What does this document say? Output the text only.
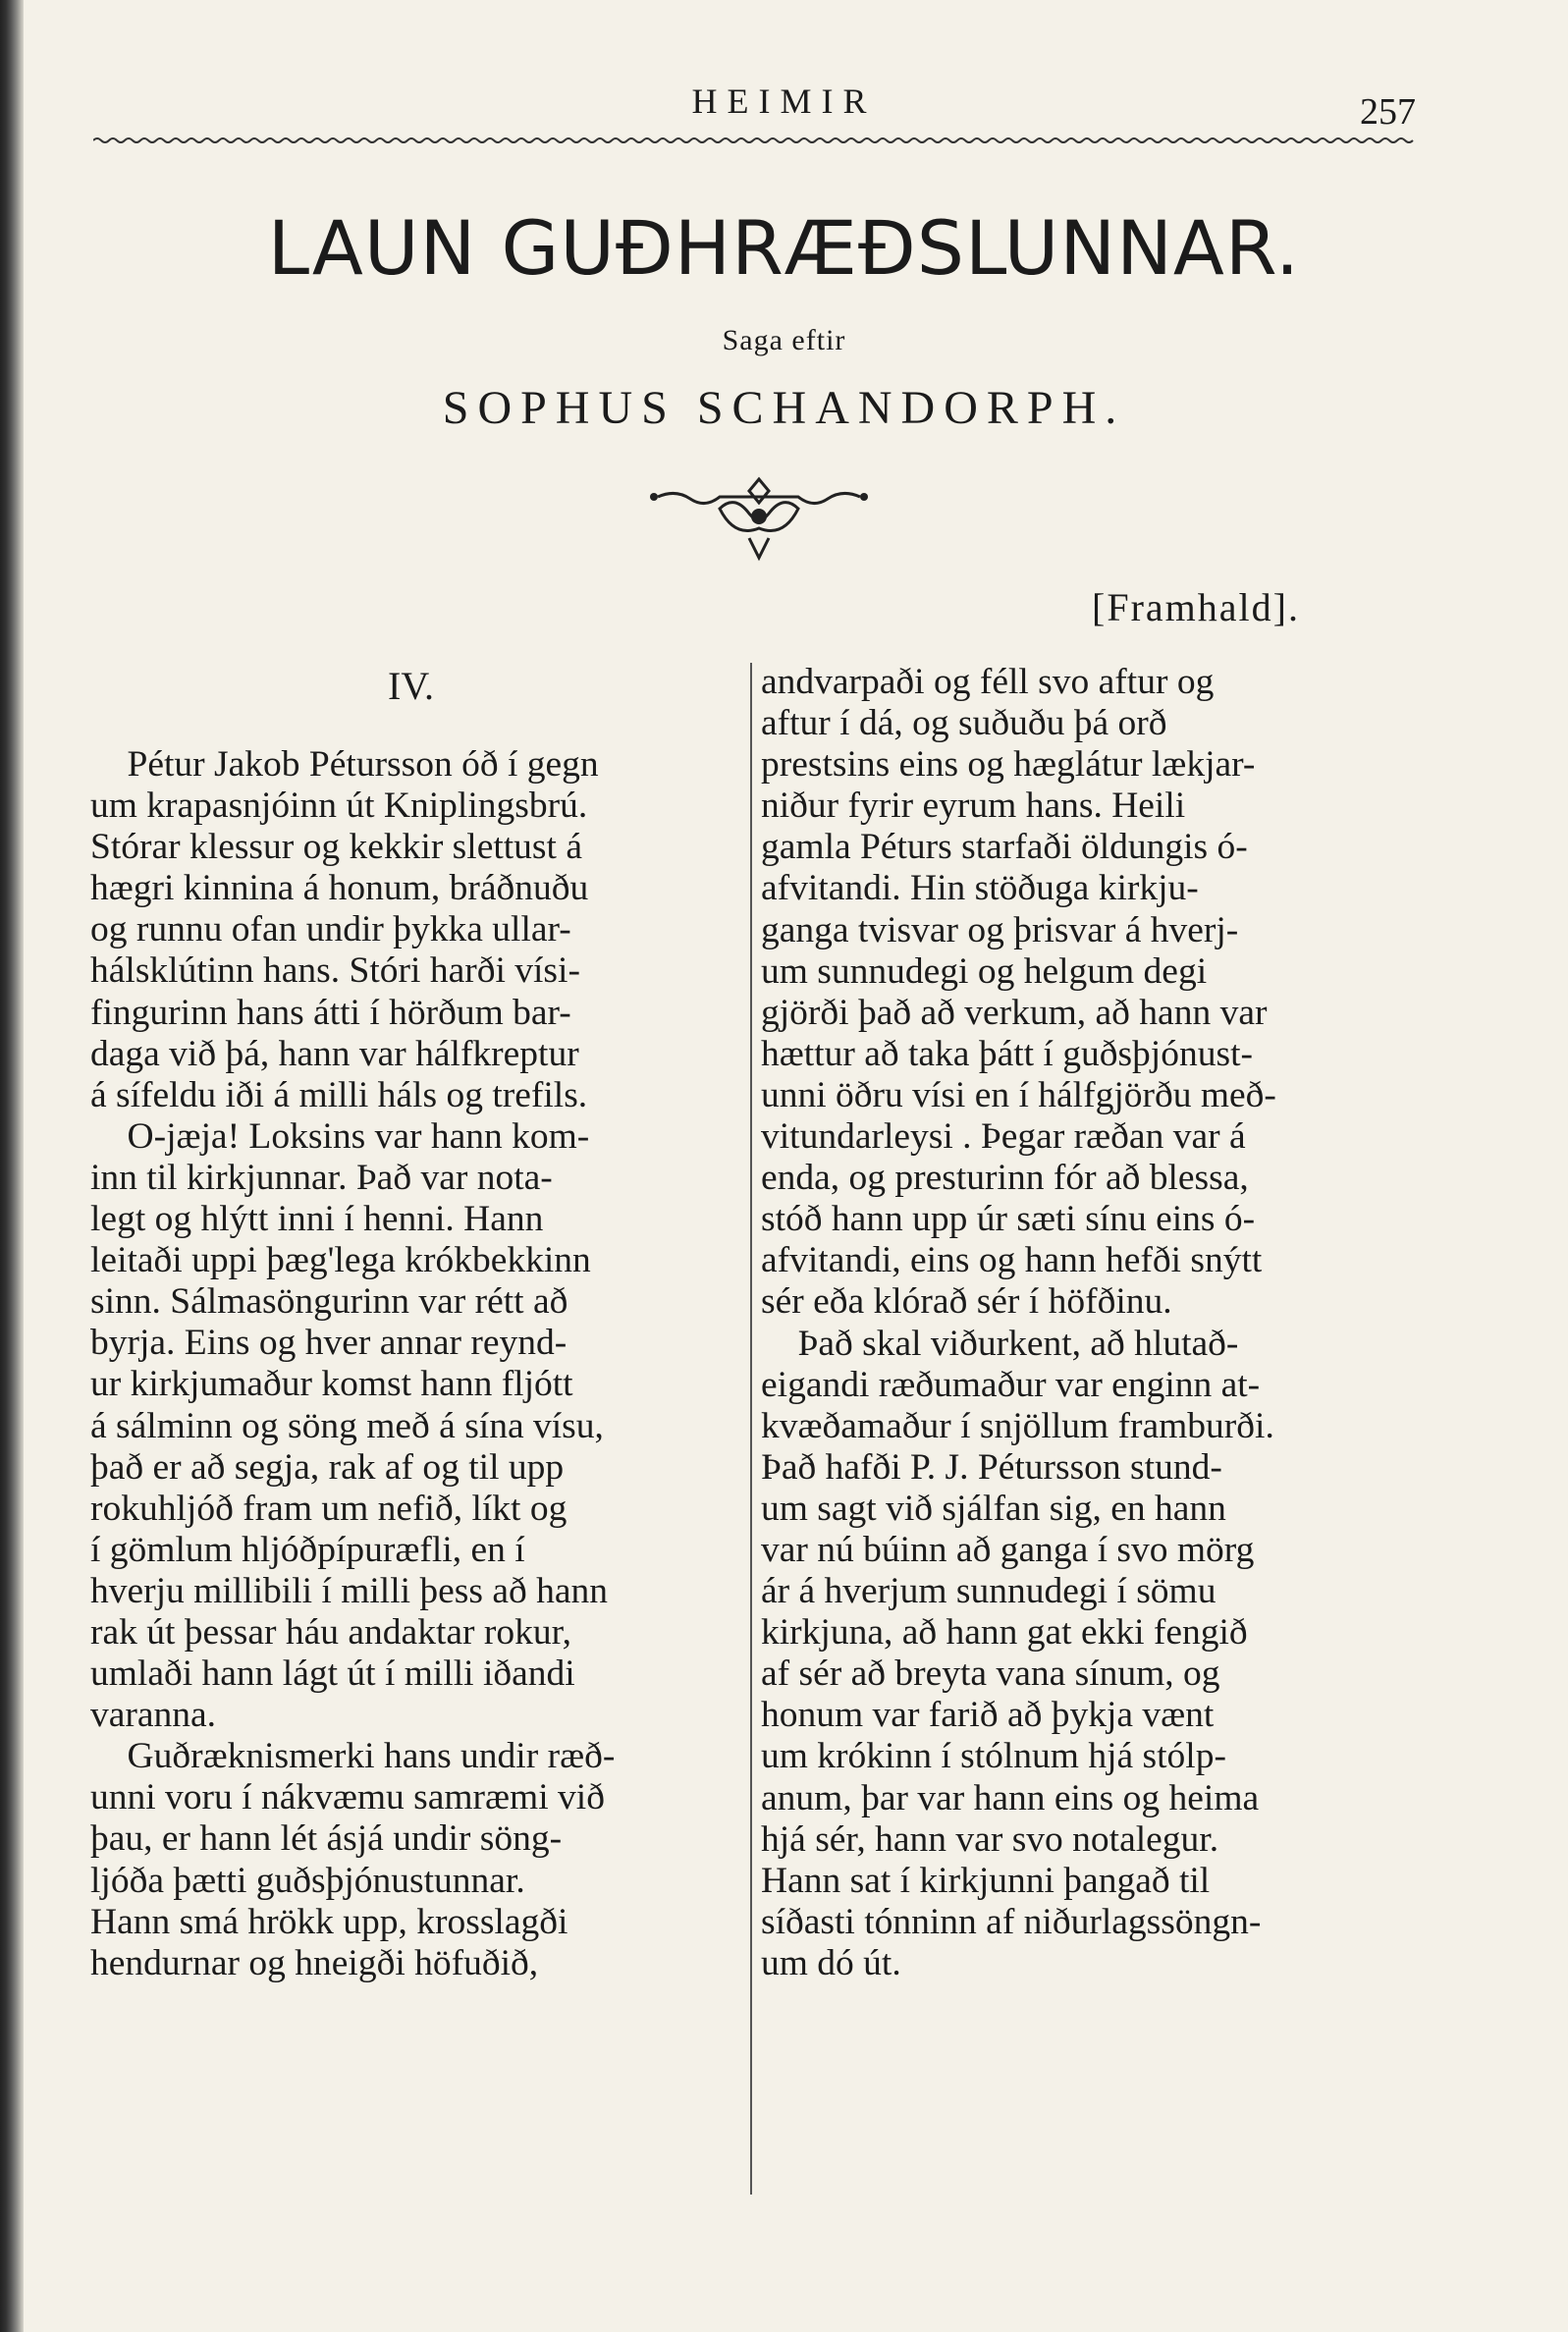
HEIMIR	257
LAUN GUÐHRÆÐSLUNNAR.
Saga eftir
SOPHUS SCHANDORPH.
[Framhald].
IV.
Pétur Jakob Pétursson óð í gegn
um krapasnjóinn út Kniplingsbrú.
Stórar klessur og kekkir slettust á
hægri kinnina á honum, bráðnuðu
og runnu ofan undir þykka ullar-
hálsklútinn hans. Stóri harði vísi-
fingurinn hans átti í hörðum bar-
daga við þá, hann var hálfkreptur
á sífeldu iði á milli háls og trefils.
O-jæja! Loksins var hann kom-
inn til kirkjunnar. Það var nota-
legt og hlýtt inni í henni. Hann
leitaði uppi þæg'lega krókbekkinn
sinn. Sálmasöngurinn var rétt að
byrja. Eins og hver annar reynd-
ur kirkjumaður komst hann fljótt
á sálminn og söng með á sína vísu,
það er að segja, rak af og til upp
rokuhljóð fram um nefið, líkt og
í gömlum hljóðpípuræfli, en í
hverju millibili í milli þess að hann
rak út þessar háu andaktar rokur,
umlaði hann lágt út í milli iðandi
varanna.
Guðræknismerki hans undir ræð-
unni voru í nákvæmu samræmi við
þau, er hann lét ásjá undir söng-
ljóða þætti guðsþjónustunnar.
Hann smá hrökk upp, krosslagði
hendurnar og hneigði höfuðið,
andvarpaði og féll svo aftur og
aftur í dá, og suðuðu þá orð
prestsins eins og hæglátur lækjar-
niður fyrir eyrum hans. Heili
gamla Péturs starfaði öldungis ó-
afvitandi. Hin stöðuga kirkju-
ganga tvisvar og þrisvar á hverj-
um sunnudegi og helgum degi
gjörði það að verkum, að hann var
hættur að taka þátt í guðsþjónust-
unni öðru vísi en í hálfgjörðu með-
vitundarleysi . Þegar ræðan var á
enda, og presturinn fór að blessa,
stóð hann upp úr sæti sínu eins ó-
afvitandi, eins og hann hefði snýtt
sér eða klórað sér í höfðinu.
Það skal viðurkent, að hlutað-
eigandi ræðumaður var enginn at-
kvæðamaður í snjöllum framburði.
Það hafði P. J. Pétursson stund-
um sagt við sjálfan sig, en hann
var nú búinn að ganga í svo mörg
ár á hverjum sunnudegi í sömu
kirkjuna, að hann gat ekki fengið
af sér að breyta vana sínum, og
honum var farið að þykja vænt
um krókinn í stólnum hjá stólp-
anum, þar var hann eins og heima
hjá sér, hann var svo notalegur.
Hann sat í kirkjunni þangað til
síðasti tónninn af niðurlagssöngn-
um dó út.
